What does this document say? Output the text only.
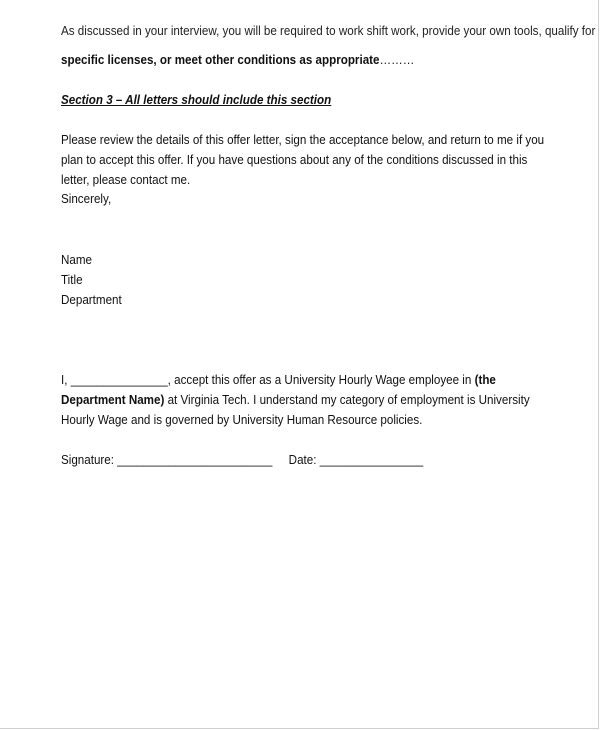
As discussed in your interview, you will be required to work shift work, provide your own tools, qualify for
specific licenses, or meet other conditions as appropriate………
Section 3 – All letters should include this section
Please review the details of this offer letter, sign the acceptance below, and return to me if you plan to accept this offer. If you have questions about any of the conditions discussed in this letter, please contact me.
Sincerely,
Name
Title
Department
I, _______________, accept this offer as a University Hourly Wage employee in (the Department Name) at Virginia Tech. I understand my category of employment is University Hourly Wage and is governed by University Human Resource policies.
Signature: ________________________ Date: ________________
